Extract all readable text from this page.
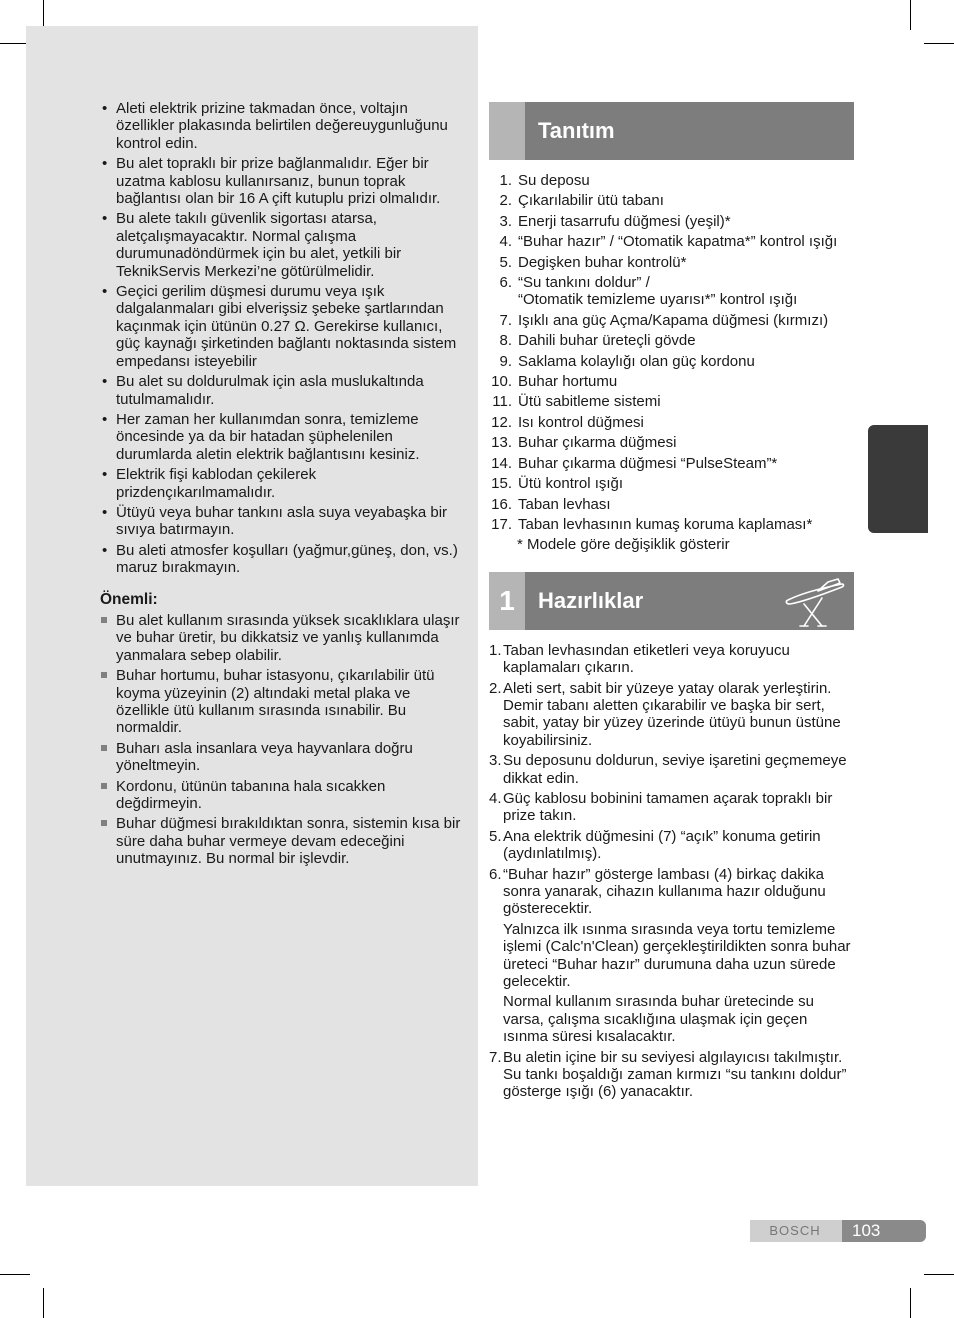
• Aleti elektrik prizine takmadan önce, voltajın özellikler plakasında belirtilen değereuygunluğunu kontrol edin.
• Bu alet topraklı bir prize bağlanmalıdır. Eğer bir uzatma kablosu kullanırsanız, bunun toprak bağlantısı olan bir 16 A çift kutuplu prizi olmalıdır.
• Bu alete takılı güvenlik sigortası atarsa, aletçalışmayacaktır. Normal çalışma durumunadöndürmek için bu alet, yetkili bir TeknikServis Merkezi’ne götürülmelidir.
• Geçici gerilim düşmesi durumu veya ışık dalgalanmaları gibi elverişsiz şebeke şartlarından kaçınmak için ütünün 0.27 Ω. Gerekirse kullanıcı, güç kaynağı şirketinden bağlantı noktasında sistem empedansı isteyebilir
• Bu alet su doldurulmak için asla muslukaltında tutulmamalıdır.
• Her zaman her kullanımdan sonra, temizleme öncesinde ya da bir hatadan şüphelenilen durumlarda aletin elektrik bağlantısını kesiniz.
• Elektrik fişi kablodan çekilerek prizdençıkarılmamalıdır.
• Ütüyü veya buhar tankını asla suya veyabaşka bir sıvıya batırmayın.
• Bu aleti atmosfer koşulları (yağmur,güneş, don, vs.) maruz bırakmayın.
Önemli:
Bu alet kullanım sırasında yüksek sıcaklıklara ulaşır ve buhar üretir, bu dikkatsiz ve yanlış kullanımda yanmalara sebep olabilir.
Buhar hortumu, buhar istasyonu, çıkarılabilir ütü koyma yüzeyinin (2) altındaki metal plaka ve özellikle ütü kullanım sırasında ısınabilir. Bu normaldir.
Buharı asla insanlara veya hayvanlara doğru yöneltmeyin.
Kordonu, ütünün tabanına hala sıcakken değdirmeyin.
Buhar düğmesi bırakıldıktan sonra, sistemin kısa bir süre daha buhar vermeye devam edeceğini unutmayınız. Bu normal bir işlevdir.
Tanıtım
1. Su deposu
2. Çıkarılabilir ütü tabanı
3. Enerji tasarrufu düğmesi (yeşil)*
4. “Buhar hazır” / “Otomatik kapatma*” kontrol ışığı
5. Degişken buhar kontrolü*
6. “Su tankını doldur” /
“Otomatik temizleme uyarısı*” kontrol ışığı
7. Işıklı ana güç Açma/Kapama düğmesi (kırmızı)
8. Dahili buhar üreteçli gövde
9. Saklama kolaylığı olan güç kordonu
10. Buhar hortumu
11. Ütü sabitleme sistemi
12. Isı kontrol düğmesi
13. Buhar çıkarma düğmesi
14. Buhar çıkarma düğmesi “PulseSteam”*
15. Ütü kontrol ışığı
16. Taban levhası
17. Taban levhasının kumaş koruma kaplaması*
* Modele göre değişiklik gösterir
1	Hazırlıklar
1. Taban levhasından etiketleri veya koruyucu kaplamaları çıkarın.

2. Aleti sert, sabit bir yüzeye yatay olarak yerleştirin. Demir tabanı aletten çıkarabilir ve başka bir sert, sabit, yatay bir yüzey üzerinde ütüyü bunun üstüne koyabilirsiniz.

3. Su deposunu doldurun, seviye işaretini geçmemeye dikkat edin.

4. Güç kablosu bobinini tamamen açarak topraklı bir prize takın.

5. Ana elektrik düğmesini (7) “açık” konuma getirin (aydınlatılmış).

6. “Buhar hazır” gösterge lambası (4) birkaç dakika sonra yanarak, cihazın kullanıma hazır olduğunu gösterecektir.

Yalnızca ilk ısınma sırasında veya tortu temizleme işlemi (Calc'n'Clean) gerçekleştirildikten sonra buhar üreteci “Buhar hazır” durumuna daha uzun sürede gelecektir.

Normal kullanım sırasında buhar üretecinde su varsa, çalışma sıcaklığına ulaşmak için geçen ısınma süresi kısalacaktır.

7. Bu aletin içine bir su seviyesi algılayıcısı takılmıştır. Su tankı boşaldığı zaman kırmızı “su tankını doldur” gösterge ışığı (6) yanacaktır.

TÜRK
BOSCH	103
